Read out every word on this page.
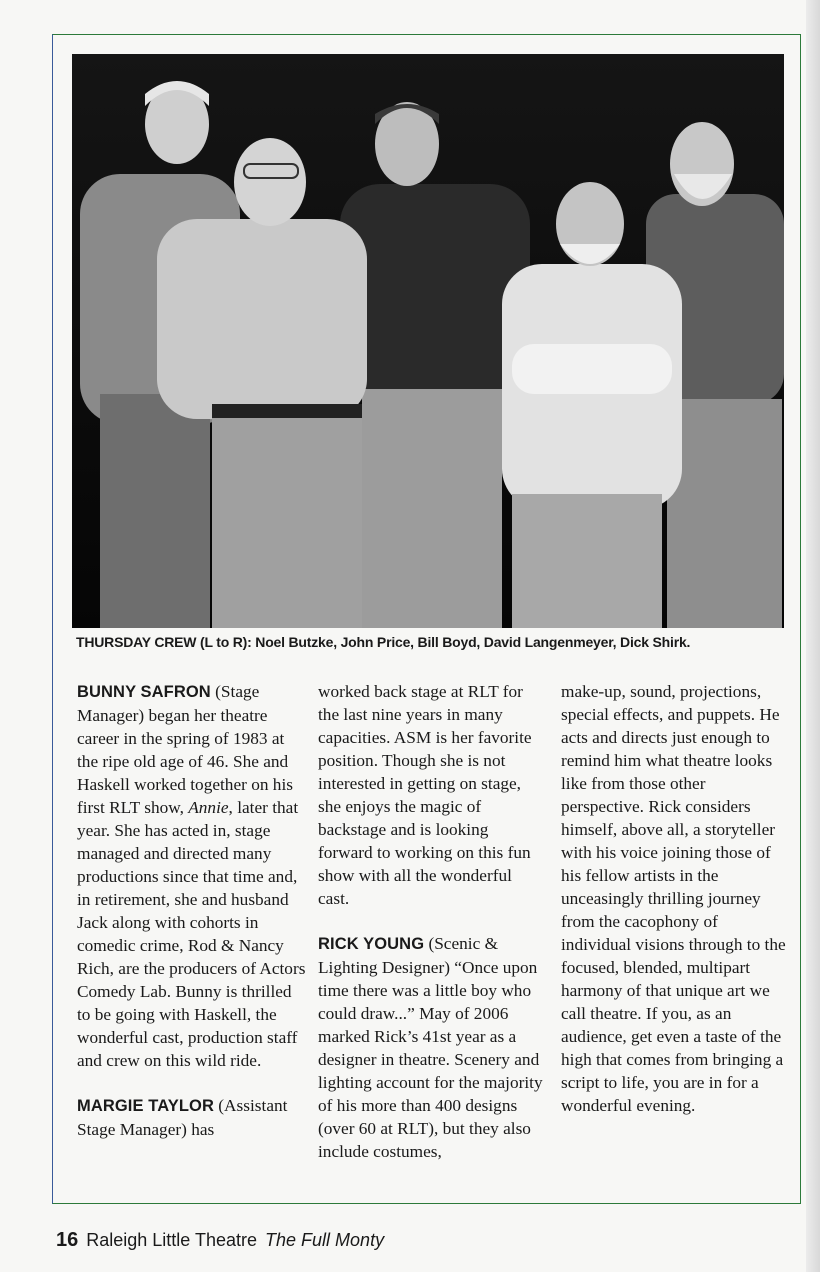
THURSDAY CREW (L to R): Noel Butzke, John Price, Bill Boyd, David Langenmeyer, Dick Shirk.

BUNNY SAFRON (Stage Manager) began her theatre career in the spring of 1983 at the ripe old age of 46. She and Haskell worked together on his first RLT show, Annie, later that year. She has acted in, stage managed and directed many productions since that time and, in retirement, she and husband Jack along with cohorts in comedic crime, Rod & Nancy Rich, are the producers of Actors Comedy Lab. Bunny is thrilled to be going with Haskell, the wonderful cast, production staff and crew on this wild ride.

MARGIE TAYLOR (Assistant Stage Manager) has

worked back stage at RLT for the last nine years in many capacities. ASM is her favorite position. Though she is not interested in getting on stage, she enjoys the magic of backstage and is looking forward to working on this fun show with all the wonderful cast.

RICK YOUNG (Scenic & Lighting Designer) “Once upon time there was a little boy who could draw...” May of 2006 marked Rick’s 41st year as a designer in theatre. Scenery and lighting account for the majority of his more than 400 designs (over 60 at RLT), but they also include costumes,

make-up, sound, projections, special effects, and puppets. He acts and directs just enough to remind him what theatre looks like from those other perspective. Rick considers himself, above all, a storyteller with his voice joining those of his fellow artists in the unceasingly thrilling journey from the cacophony of individual visions through to the focused, blended, multipart harmony of that unique art we call theatre. If you, as an audience, get even a taste of the high that comes from bringing a script to life, you are in for a wonderful evening.

16 Raleigh Little Theatre The Full Monty
